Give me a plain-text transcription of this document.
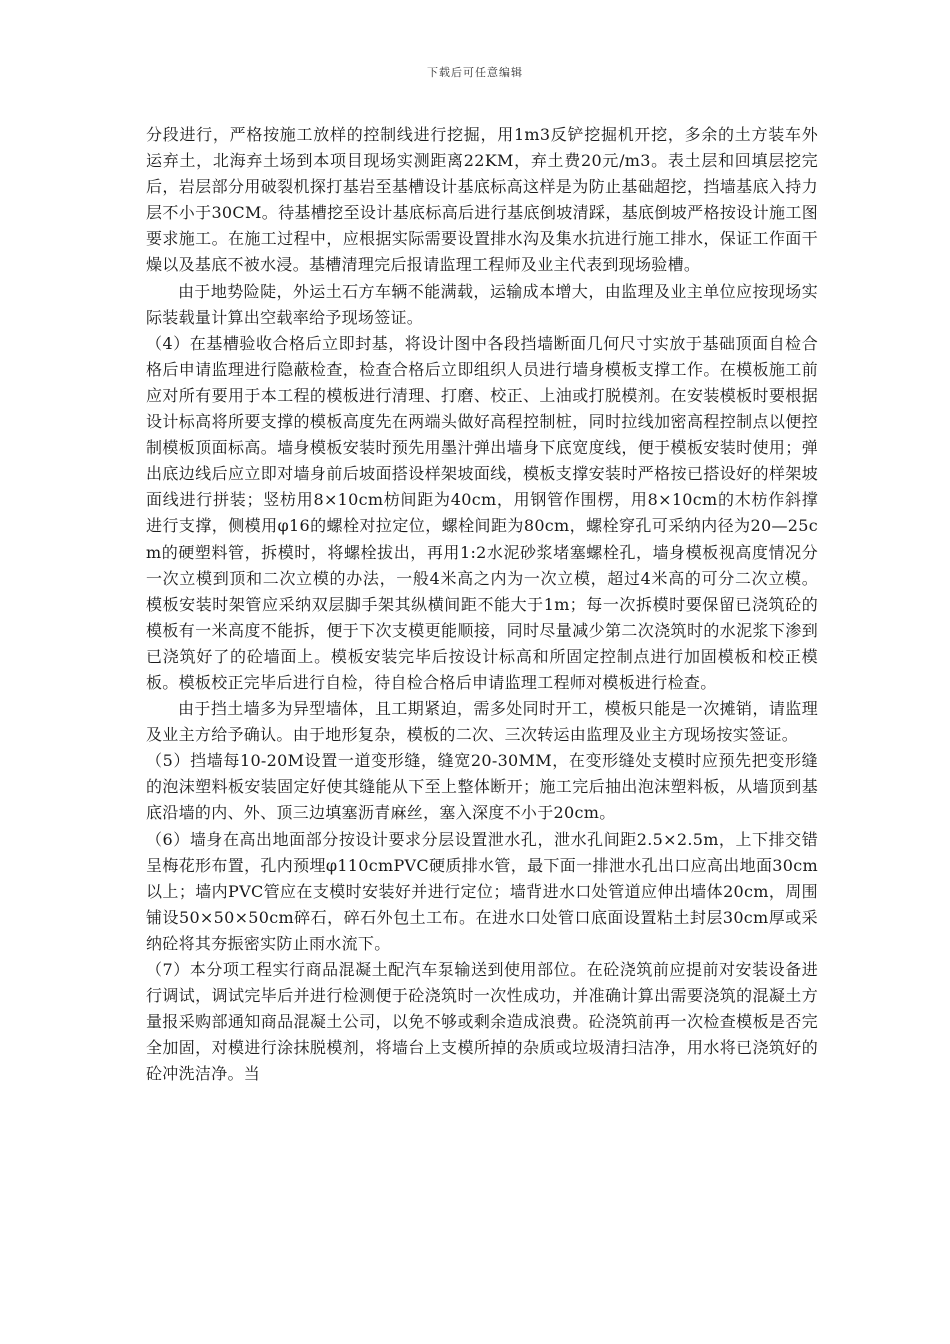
下载后可任意编辑

分段进行，严格按施工放样的控制线进行挖掘，用1m3反铲挖掘机开挖，多余的土方装车外运弃土，北海弃土场到本项目现场实测距离22KM，弃土费20元/m3。表土层和回填层挖完后，岩层部分用破裂机探打基岩至基槽设计基底标高这样是为防止基础超挖，挡墙基底入持力层不小于30CM。待基槽挖至设计基底标高后进行基底倒坡清踩，基底倒坡严格按设计施工图要求施工。在施工过程中，应根据实际需要设置排水沟及集水抗进行施工排水，保证工作面干燥以及基底不被水浸。基槽清理完后报请监理工程师及业主代表到现场验槽。

由于地势险陡，外运土石方车辆不能满载，运输成本增大，由监理及业主单位应按现场实际装载量计算出空载率给予现场签证。

（4）在基槽验收合格后立即封基，将设计图中各段挡墙断面几何尺寸实放于基础顶面自检合格后申请监理进行隐蔽检查，检查合格后立即组织人员进行墙身模板支撑工作。在模板施工前应对所有要用于本工程的模板进行清理、打磨、校正、上油或打脱模剂。在安装模板时要根据设计标高将所要支撑的模板高度先在两端头做好高程控制桩，同时拉线加密高程控制点以便控制模板顶面标高。墙身模板安装时预先用墨汁弹出墙身下底宽度线，便于模板安装时使用；弹出底边线后应立即对墙身前后坡面搭设样架坡面线，模板支撑安装时严格按已搭设好的样架坡面线进行拼装；竖枋用8×10cm枋间距为40cm，用钢管作围楞，用8×10cm的木枋作斜撑进行支撑，侧模用φ16的螺栓对拉定位，螺栓间距为80cm，螺栓穿孔可采纳内径为20—25cm的硬塑料管，拆模时，将螺栓拔出，再用1:2水泥砂浆堵塞螺栓孔，墙身模板视高度情况分一次立模到顶和二次立模的办法，一般4米高之内为一次立模，超过4米高的可分二次立模。模板安装时架管应采纳双层脚手架其纵横间距不能大于1m；每一次拆模时要保留已浇筑砼的模板有一米高度不能拆，便于下次支模更能顺接，同时尽量减少第二次浇筑时的水泥浆下渗到已浇筑好了的砼墙面上。模板安装完毕后按设计标高和所固定控制点进行加固模板和校正模板。模板校正完毕后进行自检，待自检合格后申请监理工程师对模板进行检查。

由于挡土墙多为异型墙体，且工期紧迫，需多处同时开工，模板只能是一次摊销，请监理及业主方给予确认。由于地形复杂，模板的二次、三次转运由监理及业主方现场按实签证。

（5）挡墙每10-20M设置一道变形缝，缝宽20-30MM，在变形缝处支模时应预先把变形缝的泡沫塑料板安装固定好使其缝能从下至上整体断开；施工完后抽出泡沫塑料板，从墙顶到基底沿墙的内、外、顶三边填塞沥青麻丝，塞入深度不小于20cm。

（6）墙身在高出地面部分按设计要求分层设置泄水孔，泄水孔间距2.5×2.5m，上下排交错呈梅花形布置，孔内预埋φ110cmPVC硬质排水管，最下面一排泄水孔出口应高出地面30cm　以上；墙内PVC管应在支模时安装好并进行定位；墙背进水口处管道应伸出墙体20cm，周围铺设50×50×50cm碎石，碎石外包土工布。在进水口处管口底面设置粘土封层30cm厚或采纳砼将其夯振密实防止雨水流下。

（7）本分项工程实行商品混凝土配汽车泵输送到使用部位。在砼浇筑前应提前对安装设备进行调试，调试完毕后并进行检测便于砼浇筑时一次性成功，并准确计算出需要浇筑的混凝土方量报采购部通知商品混凝土公司，以免不够或剩余造成浪费。砼浇筑前再一次检查模板是否完全加固，对模进行涂抹脱模剂，将墙台上支模所掉的杂质或垃圾清扫洁净，用水将已浇筑好的砼冲洗洁净。当
